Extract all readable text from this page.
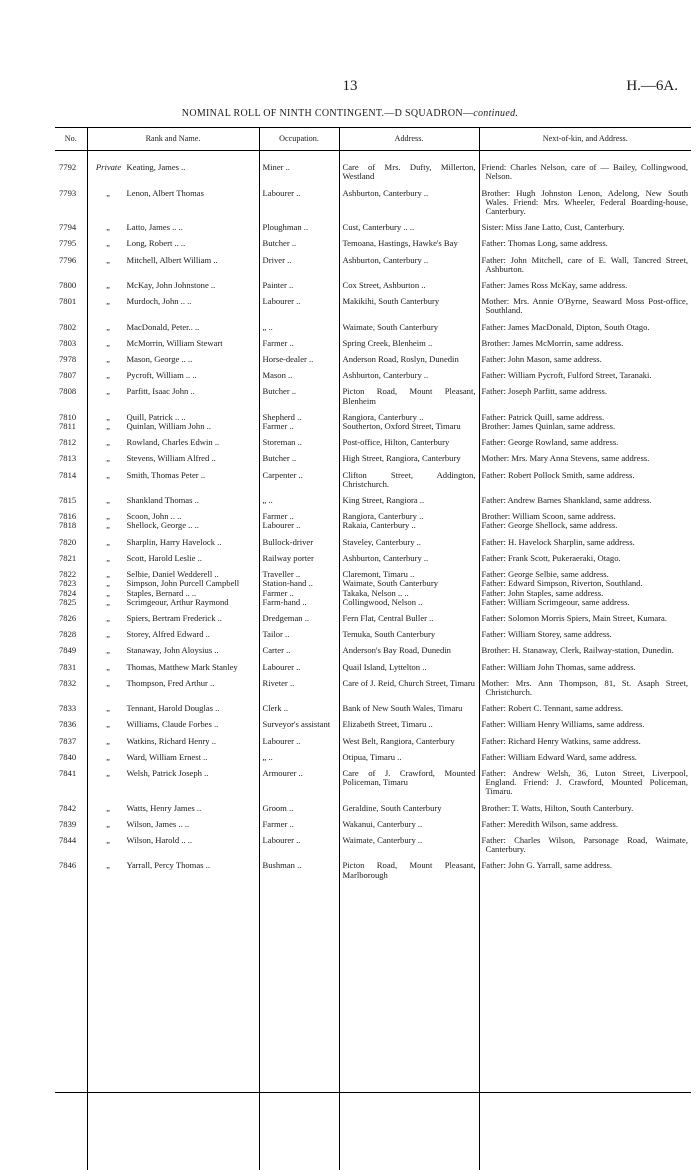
13	H.—6A.
NOMINAL ROLL OF NINTH CONTINGENT.—D SQUADRON—continued.
No.	Rank and Name.	Occupation.	Address.	Next-of-kin, and Address.
7792	Private Keating, James ..	Miner ..	Care of Mrs. Dufty, Millerton, Westland	Friend: Charles Nelson, care of — Bailey, Collingwood, Nelson.
7793	„ Lenon, Albert Thomas	Labourer ..	Ashburton, Canterbury ..	Brother: Hugh Johnston Lenon, Adelong, New South Wales. Friend: Mrs. Wheeler, Federal Boarding-house, Canterbury.
7794	„ Latto, James .. ..	Ploughman ..	Cust, Canterbury .. ..	Sister: Miss Jane Latto, Cust, Canterbury.
7795	„ Long, Robert .. ..	Butcher ..	Temoana, Hastings, Hawke's Bay	Father: Thomas Long, same address.
7796	„ Mitchell, Albert William ..	Driver ..	Ashburton, Canterbury ..	Father: John Mitchell, care of E. Wall, Tancred Street, Ashburton.
7800	„ McKay, John Johnstone ..	Painter ..	Cox Street, Ashburton ..	Father: James Ross McKay, same address.
7801	„ Murdoch, John .. ..	Labourer ..	Makikihi, South Canterbury	Mother: Mrs. Annie O'Byrne, Seaward Moss Post-office, Southland.
7802	„ MacDonald, Peter.. ..	„ ..	Waimate, South Canterbury	Father: James MacDonald, Dipton, South Otago.
7803	„ McMorrin, William Stewart	Farmer ..	Spring Creek, Blenheim ..	Brother: James McMorrin, same address.
7978	„ Mason, George .. ..	Horse-dealer ..	Anderson Road, Roslyn, Dunedin	Father: John Mason, same address.
7807	„ Pycroft, William .. ..	Mason ..	Ashburton, Canterbury ..	Father: William Pycroft, Fulford Street, Taranaki.
7808	„ Parfitt, Isaac John ..	Butcher ..	Picton Road, Mount Pleasant, Blenheim	Father: Joseph Parfitt, same address.
7810	„ Quill, Patrick .. ..	Shepherd ..	Rangiora, Canterbury ..	Father: Patrick Quill, same address.
7811	„ Quinlan, William John ..	Farmer ..	Southerton, Oxford Street, Timaru	Brother: James Quinlan, same address.
7812	„ Rowland, Charles Edwin ..	Storeman ..	Post-office, Hilton, Canterbury	Father: George Rowland, same address.
7813	„ Stevens, William Alfred ..	Butcher ..	High Street, Rangiora, Canterbury	Mother: Mrs. Mary Anna Stevens, same address.
7814	„ Smith, Thomas Peter ..	Carpenter ..	Clifton Street, Addington, Christchurch.	Father: Robert Pollock Smith, same address.
7815	„ Shankland Thomas ..	„ ..	King Street, Rangiora ..	Father: Andrew Barnes Shankland, same address.
7816	„ Scoon, John .. ..	Farmer ..	Rangiora, Canterbury ..	Brother: William Scoon, same address.
7818	„ Shellock, George .. ..	Labourer ..	Rakaia, Canterbury ..	Father: George Shellock, same address.
7820	„ Sharplin, Harry Havelock ..	Bullock-driver	Staveley, Canterbury ..	Father: H. Havelock Sharplin, same address.
7821	„ Scott, Harold Leslie ..	Railway porter	Ashburton, Canterbury ..	Father: Frank Scott, Pukeraeraki, Otago.
7822	„ Selbie, Daniel Wedderell ..	Traveller ..	Claremont, Timaru ..	Father: George Selbie, same address.
7823	„ Simpson, John Purcell Campbell	Station-hand ..	Waimate, South Canterbury	Father: Edward Simpson, Riverton, Southland.
7824	„ Staples, Bernard .. ..	Farmer ..	Takaka, Nelson .. ..	Father: John Staples, same address.
7825	„ Scrimgeour, Arthur Raymond	Farm-hand ..	Collingwood, Nelson ..	Father: William Scrimgeour, same address.
7826	„ Spiers, Bertram Frederick ..	Dredgeman ..	Fern Flat, Central Buller ..	Father: Solomon Morris Spiers, Main Street, Kumara.
7828	„ Storey, Alfred Edward ..	Tailor ..	Temuka, South Canterbury	Father: William Storey, same address.
7849	„ Stanaway, John Aloysius ..	Carter ..	Anderson's Bay Road, Dunedin	Brother: H. Stanaway, Clerk, Railway-station, Dunedin.
7831	„ Thomas, Matthew Mark Stanley	Labourer ..	Quail Island, Lyttelton ..	Father: William John Thomas, same address.
7832	„ Thompson, Fred Arthur ..	Riveter ..	Care of J. Reid, Church Street, Timaru	Mother: Mrs. Ann Thompson, 81, St. Asaph Street, Christchurch.
7833	„ Tennant, Harold Douglas ..	Clerk ..	Bank of New South Wales, Timaru	Father: Robert C. Tennant, same address.
7836	„ Williams, Claude Forbes ..	Surveyor's assistant	Elizabeth Street, Timaru ..	Father: William Henry Williams, same address.
7837	„ Watkins, Richard Henry ..	Labourer ..	West Belt, Rangiora, Canterbury	Father: Richard Henry Watkins, same address.
7840	„ Ward, William Ernest ..	„ ..	Otipua, Timaru ..	Father: William Edward Ward, same address.
7841	„ Welsh, Patrick Joseph ..	Armourer ..	Care of J. Crawford, Mounted Policeman, Timaru	Father: Andrew Welsh, 36, Luton Street, Liverpool, England. Friend: J. Crawford, Mounted Policeman, Timaru.
7842	„ Watts, Henry James ..	Groom ..	Geraldine, South Canterbury	Brother: T. Watts, Hilton, South Canterbury.
7839	„ Wilson, James .. ..	Farmer ..	Wakanui, Canterbury ..	Father: Meredith Wilson, same address.
7844	„ Wilson, Harold .. ..	Labourer ..	Waimate, Canterbury ..	Father: Charles Wilson, Parsonage Road, Waimate, Canterbury.
7846	„ Yarrall, Percy Thomas ..	Bushman ..	Picton Road, Mount Pleasant, Marlborough	Father: John G. Yarrall, same address.
